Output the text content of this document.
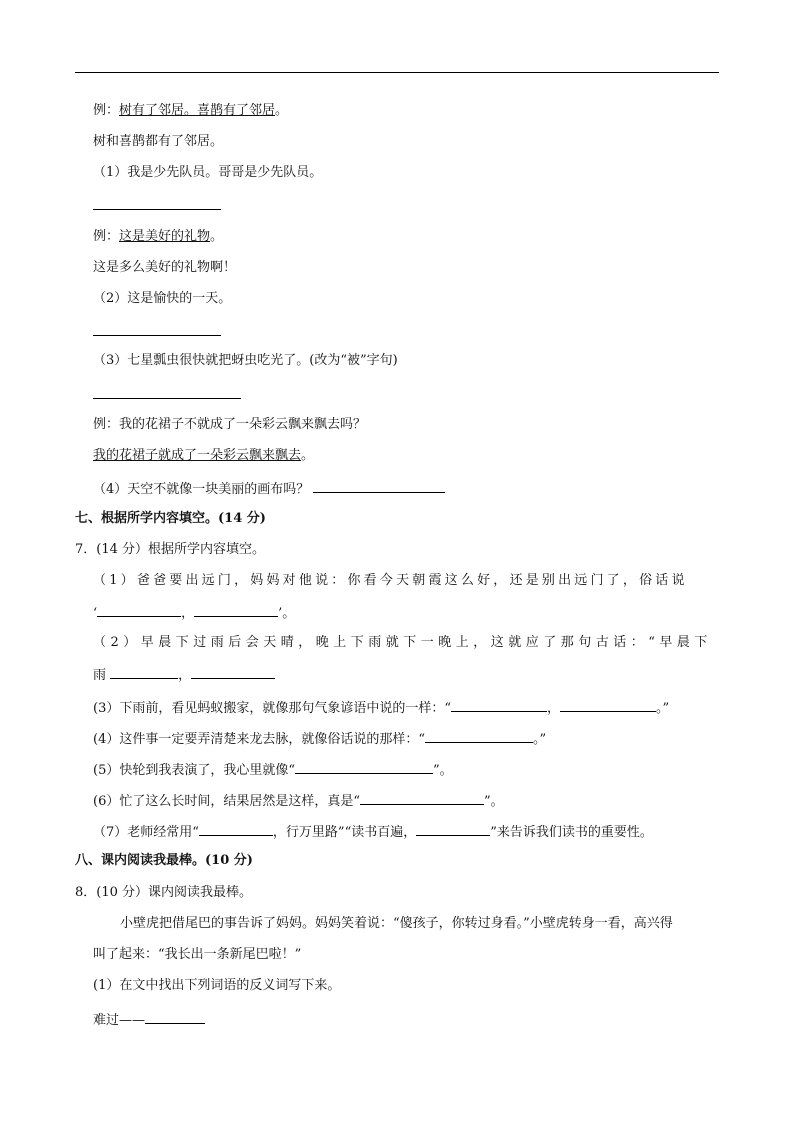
例：树有了邻居。喜鹊有了邻居。
树和喜鹊都有了邻居。
（1）我是少先队员。哥哥是少先队员。
例：这是美好的礼物。
这是多么美好的礼物啊！
（2）这是愉快的一天。
（3）七星瓢虫很快就把蚜虫吃光了。(改为“被”字句)
例：我的花裙子不就成了一朵彩云飘来飘去吗？
我的花裙子就成了一朵彩云飘来飘去。
（4）天空不就像一块美丽的画布吗？
七、根据所学内容填空。(14 分)
7．(14 分）根据所学内容填空。
（1）爸爸要出远门，妈妈对他说：你看今天朝霞这么好，还是别出远门了，俗话说
‘	，	’。
（2）早晨下过雨后会天晴，晚上下雨就下一晚上，这就应了那句古话：“早晨下
雨	，
(3）下雨前，看见蚂蚁搬家，就像那句气象谚语中说的一样：“	，	。”
(4）这件事一定要弄清楚来龙去脉，就像俗话说的那样：“	。”
(5）快轮到我表演了，我心里就像“	”。
(6）忙了这么长时间，结果居然是这样，真是“	”。
（7）老师经常用“	，行万里路”“读书百遍，	”来告诉我们读书的重要性。
八、课内阅读我最棒。(10 分)
8．(10 分）课内阅读我最棒。
小壁虎把借尾巴的事告诉了妈妈。妈妈笑着说：“傻孩子，你转过身看。”小壁虎转身一看，高兴得
叫了起来：“我长出一条新尾巴啦！”
(1）在文中找出下列词语的反义词写下来。
难过——
